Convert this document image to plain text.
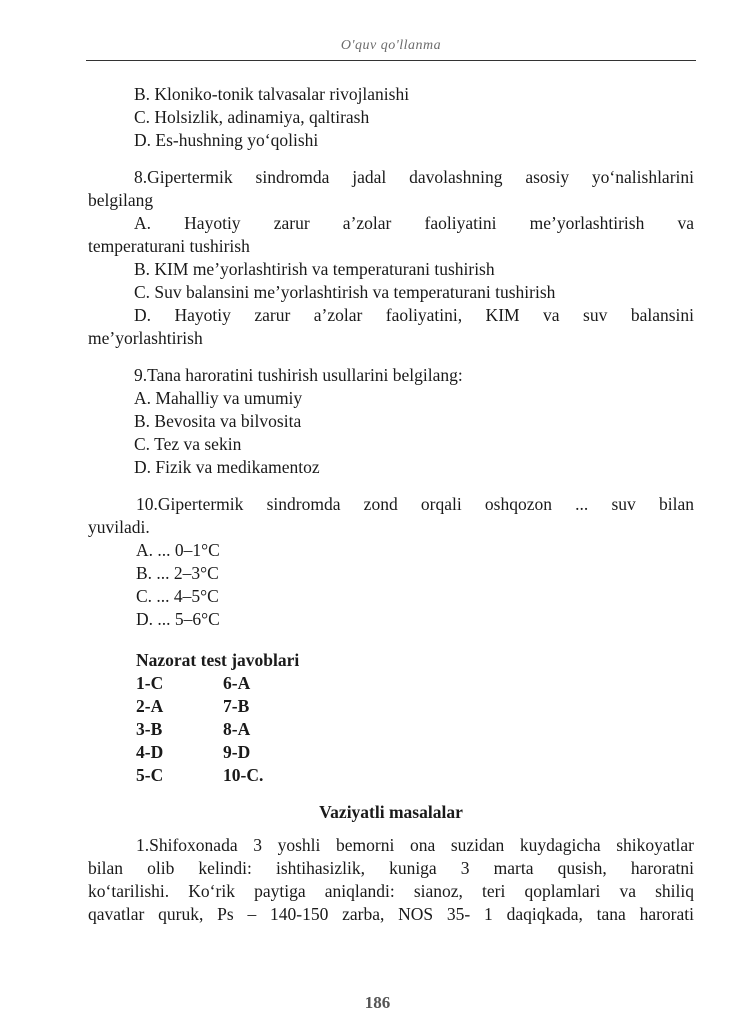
O'quv qo'llanma
B. Kloniko-tonik talvasalar rivojlanishi
C. Holsizlik, adinamiya, qaltirash
D. Es-hushning yo‘qolishi
8.Gipertermik sindromda jadal davolashning asosiy yo‘nalishlarini
belgilang
A. Hayotiy zarur a’zolar faoliyatini me’yorlashtirish va
temperaturani tushirish
B. KIM me’yorlashtirish va temperaturani tushirish
C. Suv balansini me’yorlashtirish va temperaturani tushirish
D. Hayotiy zarur a’zolar faoliyatini, KIM va suv balansini
me’yorlashtirish
9.Tana haroratini tushirish usullarini belgilang:
A. Mahalliy va umumiy
B. Bevosita va bilvosita
C. Tez va sekin
D. Fizik va medikamentoz
10.Gipertermik sindromda zond orqali oshqozon ... suv bilan
yuviladi.
A. ... 0–1°C
B. ... 2–3°C
C. ... 4–5°C
D. ... 5–6°C
Nazorat test javoblari
1-C	6-A
2-A	7-B
3-B	8-A
4-D	9-D
5-C	10-C.
Vaziyatli masalalar
1.Shifoxonada 3 yoshli bemorni ona suzidan kuydagicha shikoyatlar
bilan olib kelindi: ishtihasizlik, kuniga 3 marta qusish, haroratni
ko‘tarilishi. Ko‘rik paytiga aniqlandi: sianoz, teri qoplamlari va shiliq
qavatlar quruk, Ps – 140-150 zarba, NOS 35- 1 daqiqkada, tana harorati
186
